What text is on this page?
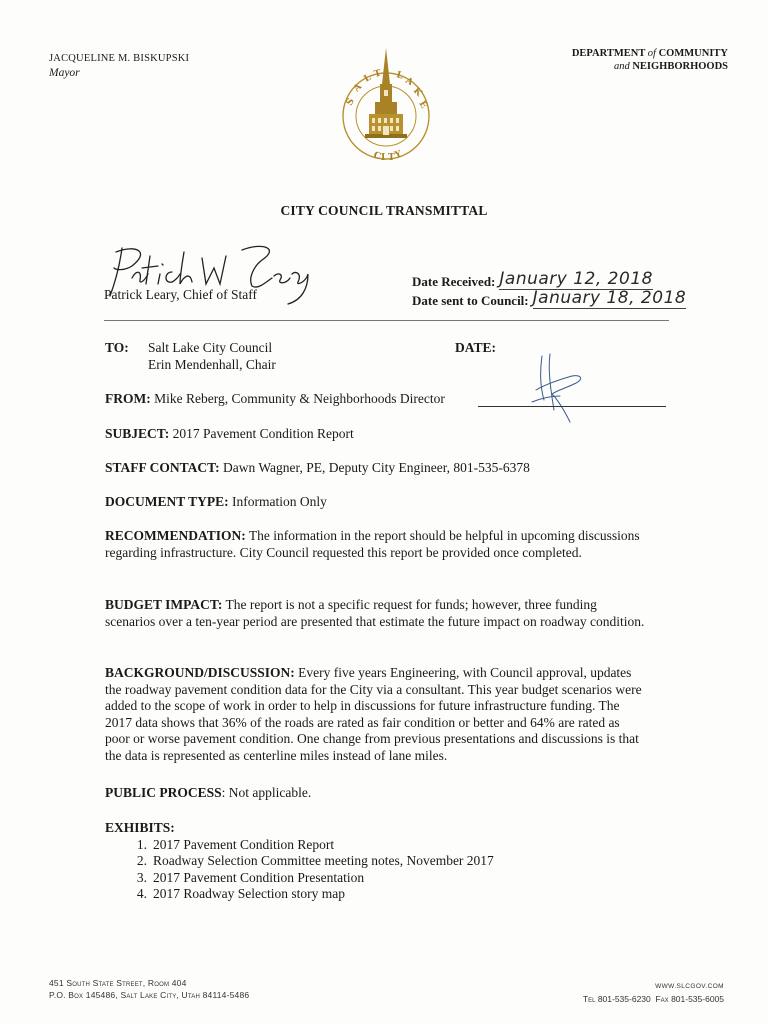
JACQUELINE M. BISKUPSKI
Mayor
DEPARTMENT of COMMUNITY
and NEIGHBORHOODS
S
A
L T L
A
K
E
C
I T
Y
CITY COUNCIL TRANSMITTAL
Patrick Leary, Chief of Staff
Date Received: January 12, 2018
Date sent to Council: January 18, 2018
TO: Salt Lake City Council
Erin Mendenhall, Chair
DATE:
FROM: Mike Reberg, Community & Neighborhoods Director
SUBJECT: 2017 Pavement Condition Report
STAFF CONTACT: Dawn Wagner, PE, Deputy City Engineer, 801-535-6378
DOCUMENT TYPE: Information Only
RECOMMENDATION: The information in the report should be helpful in upcoming discussions regarding infrastructure. City Council requested this report be provided once completed.
BUDGET IMPACT: The report is not a specific request for funds; however, three funding scenarios over a ten-year period are presented that estimate the future impact on roadway condition.
BACKGROUND/DISCUSSION: Every five years Engineering, with Council approval, updates the roadway pavement condition data for the City via a consultant. This year budget scenarios were added to the scope of work in order to help in discussions for future infrastructure funding. The 2017 data shows that 36% of the roads are rated as fair condition or better and 64% are rated as poor or worse pavement condition. One change from previous presentations and discussions is that the data is represented as centerline miles instead of lane miles.
PUBLIC PROCESS: Not applicable.
EXHIBITS:
1. 2017 Pavement Condition Report
2. Roadway Selection Committee meeting notes, November 2017
3. 2017 Pavement Condition Presentation
4. 2017 Roadway Selection story map
451 South State Street, Room 404
P.O. Box 145486, Salt Lake City, Utah 84114-5486
WWW.SLCGOV.COM
Tel 801-535-6230 Fax 801-535-6005
